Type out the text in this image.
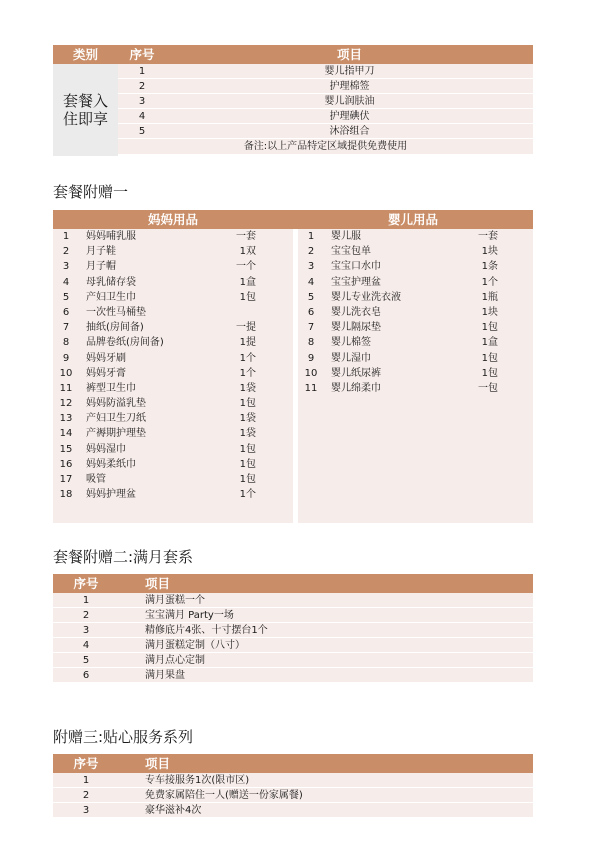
类别	序号	项目
套餐入
住即享
1	婴儿指甲刀
2	护理棉签
3	婴儿润肤油
4	护理碘伏
5	沐浴组合
备注:以上产品特定区域提供免费使用
套餐附赠一
妈妈用品	婴儿用品
1	妈妈哺乳服	一套
2	月子鞋	1双
3	月子帽	一个
4	母乳储存袋	1盒
5	产妇卫生巾	1包
6	一次性马桶垫
7	抽纸(房间备)	一提
8	品牌卷纸(房间备)	1提
9	妈妈牙刷	1个
10	妈妈牙膏	1个
11	裤型卫生巾	1袋
12	妈妈防溢乳垫	1包
13	产妇卫生刀纸	1袋
14	产褥期护理垫	1袋
15	妈妈湿巾	1包
16	妈妈柔纸巾	1包
17	吸管	1包
18	妈妈护理盆	1个
1	婴儿服	一套
2	宝宝包单	1块
3	宝宝口水巾	1条
4	宝宝护理盆	1个
5	婴儿专业洗衣液	1瓶
6	婴儿洗衣皂	1块
7	婴儿隔尿垫	1包
8	婴儿棉签	1盒
9	婴儿湿巾	1包
10	婴儿纸尿裤	1包
11	婴儿绵柔巾	一包
套餐附赠二:满月套系
序号	项目
1	满月蛋糕一个
2	宝宝满月 Party一场
3	精修底片4张、十寸摆台1个
4	满月蛋糕定制（八寸）
5	满月点心定制
6	满月果盘
附赠三:贴心服务系列
序号	项目
1	专车接服务1次(限市区)
2	免费家属陪住一人(赠送一份家属餐)
3	豪华滋补4次
